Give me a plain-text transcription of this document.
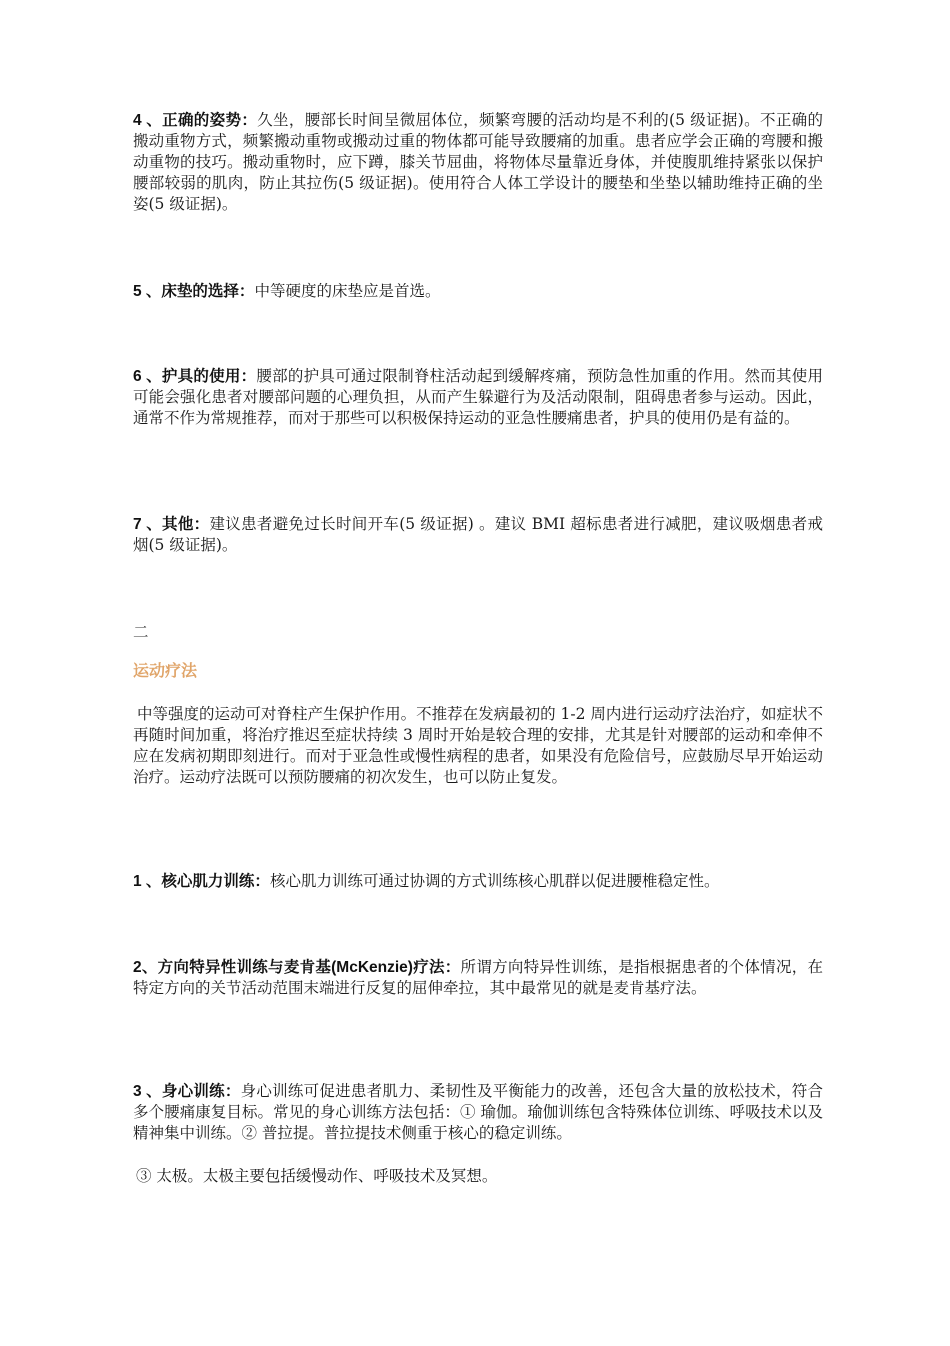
4 、正确的姿势：久坐，腰部长时间呈微屈体位，频繁弯腰的活动均是不利的(5 级证据)。不正确的搬动重物方式，频繁搬动重物或搬动过重的物体都可能导致腰痛的加重。患者应学会正确的弯腰和搬动重物的技巧。搬动重物时，应下蹲，膝关节屈曲，将物体尽量靠近身体，并使腹肌维持紧张以保护腰部较弱的肌肉，防止其拉伤(5 级证据)。使用符合人体工学设计的腰垫和坐垫以辅助维持正确的坐姿(5 级证据)。

5 、床垫的选择：中等硬度的床垫应是首选。

6 、护具的使用：腰部的护具可通过限制脊柱活动起到缓解疼痛，预防急性加重的作用。然而其使用可能会强化患者对腰部问题的心理负担，从而产生躲避行为及活动限制，阻碍患者参与运动。因此，通常不作为常规推荐，而对于那些可以积极保持运动的亚急性腰痛患者，护具的使用仍是有益的。

7 、其他：建议患者避免过长时间开车(5 级证据) 。建议 BMI 超标患者进行减肥，建议吸烟患者戒烟(5 级证据)。

二
运动疗法

中等强度的运动可对脊柱产生保护作用。不推荐在发病最初的 1-2 周内进行运动疗法治疗，如症状不再随时间加重，将治疗推迟至症状持续 3 周时开始是较合理的安排，尤其是针对腰部的运动和牵伸不应在发病初期即刻进行。而对于亚急性或慢性病程的患者，如果没有危险信号，应鼓励尽早开始运动治疗。运动疗法既可以预防腰痛的初次发生，也可以防止复发。

1 、核心肌力训练：核心肌力训练可通过协调的方式训练核心肌群以促进腰椎稳定性。

2、方向特异性训练与麦肯基(McKenzie)疗法：所谓方向特异性训练，是指根据患者的个体情况，在特定方向的关节活动范围末端进行反复的屈伸牵拉，其中最常见的就是麦肯基疗法。

3 、身心训练：身心训练可促进患者肌力、柔韧性及平衡能力的改善，还包含大量的放松技术，符合多个腰痛康复目标。常见的身心训练方法包括：① 瑜伽。瑜伽训练包含特殊体位训练、呼吸技术以及精神集中训练。② 普拉提。普拉提技术侧重于核心的稳定训练。

③ 太极。太极主要包括缓慢动作、呼吸技术及冥想。
